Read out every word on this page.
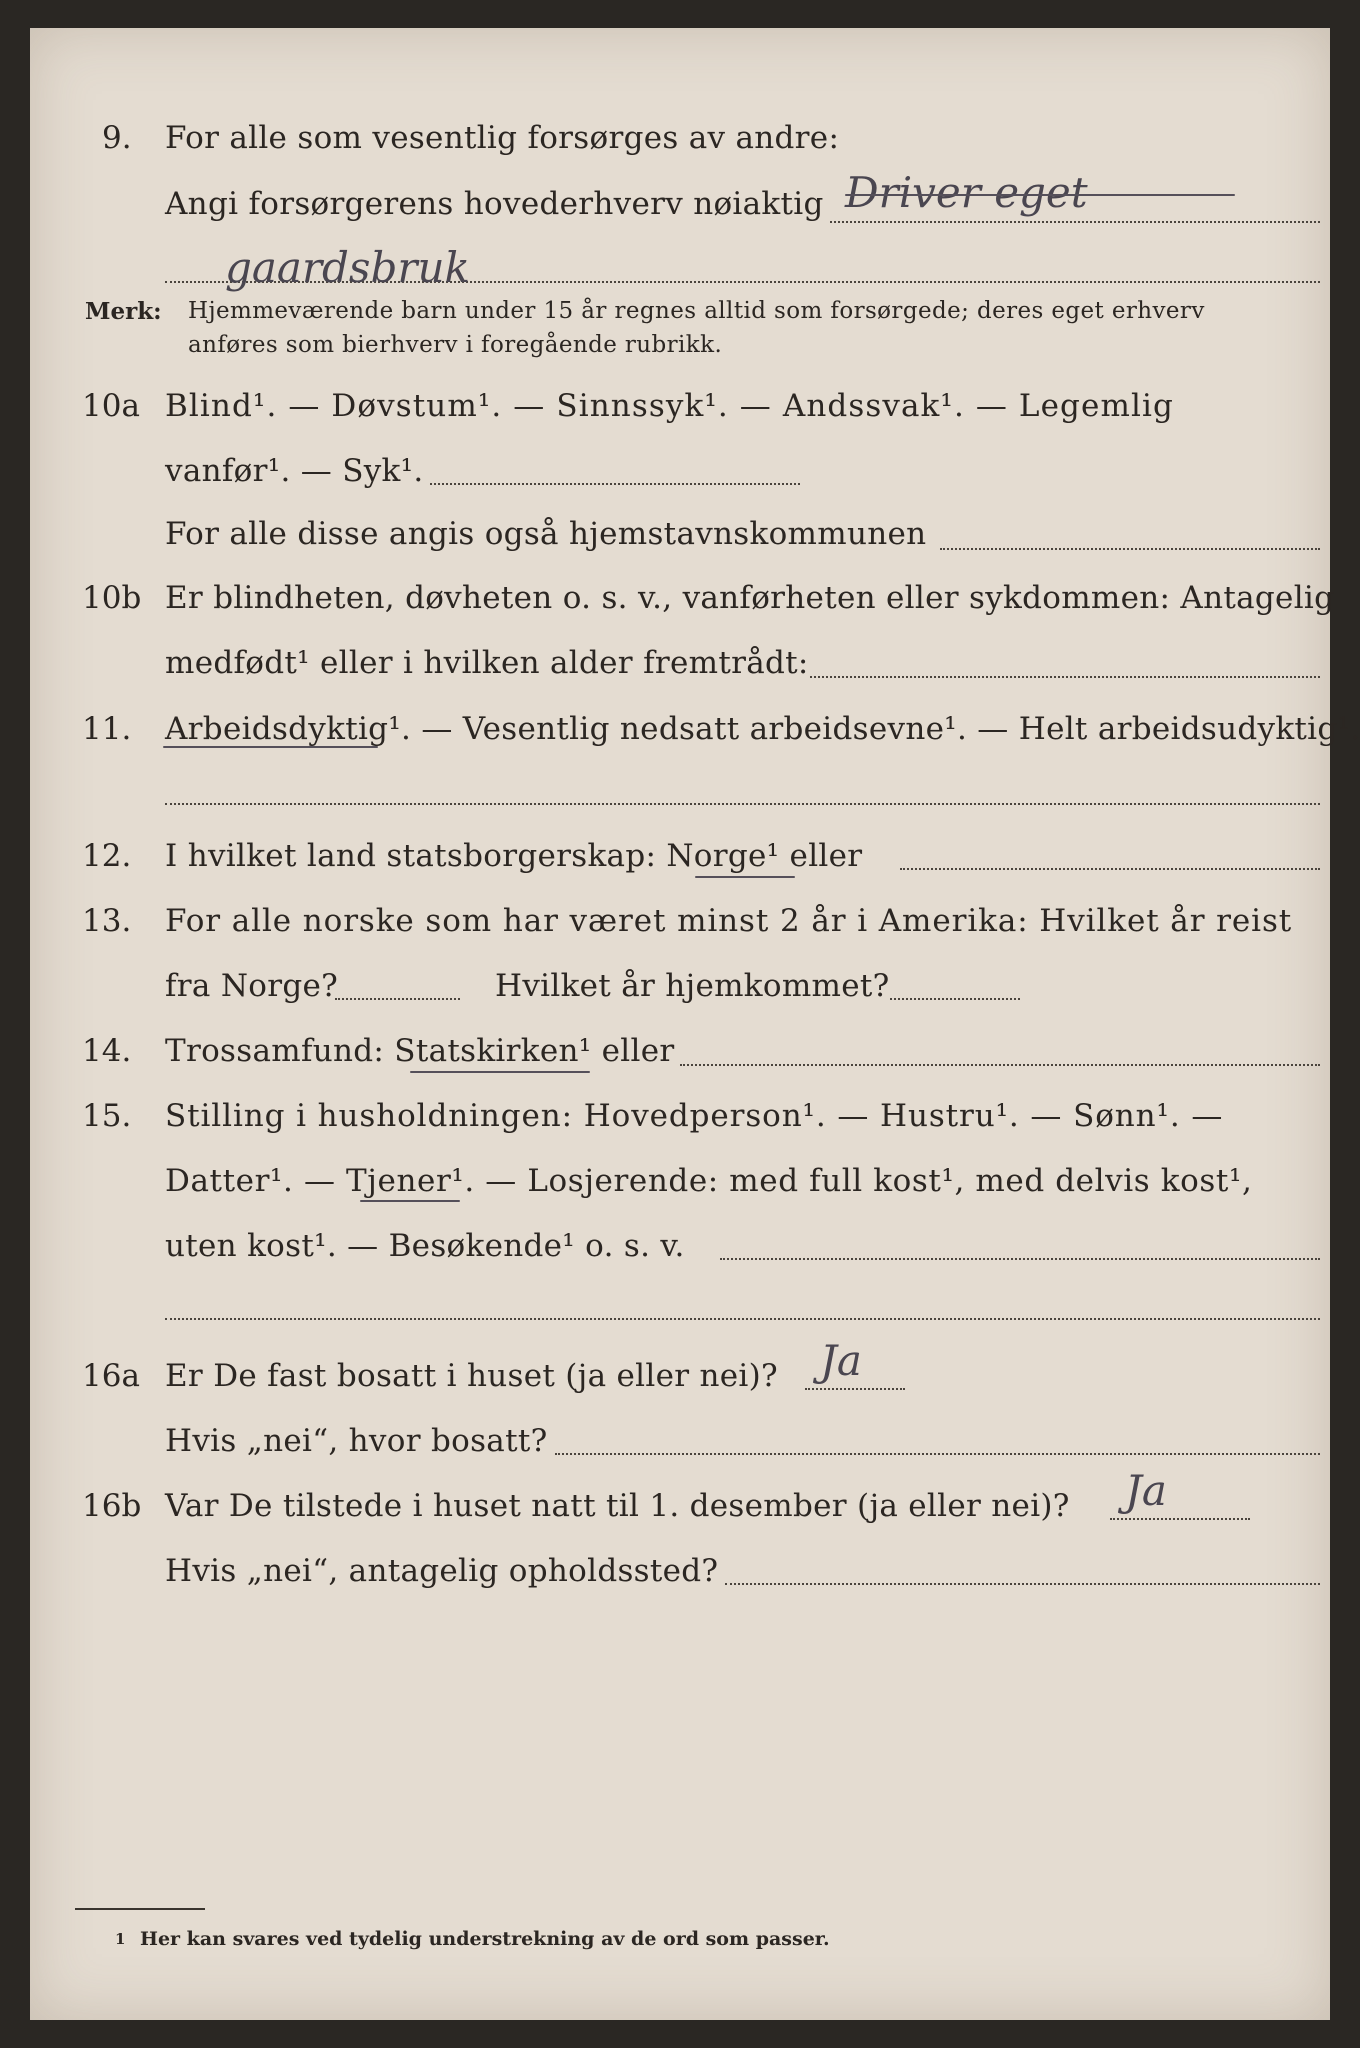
9. For alle som vesentlig forsørges av andre:
Angi forsørgerens hovederhverv nøiaktig Driver eget
gaardsbruk
Merk: Hjemmeværende barn under 15 år regnes alltid som forsørgede; deres eget erhverv
anføres som bierhverv i foregående rubrikk.
10a Blind¹. — Døvstum¹. — Sinnssyk¹. — Andssvak¹. — Legemlig
vanfør¹. — Syk¹.
For alle disse angis også hjemstavnskommunen
10b Er blindheten, døvheten o. s. v., vanførheten eller sykdommen: Antagelig
medfødt¹ eller i hvilken alder fremtrådt:
11. Arbeidsdyktig¹. — Vesentlig nedsatt arbeidsevne¹. — Helt arbeidsudyktig¹.
12. I hvilket land statsborgerskap: Norge¹ eller
13. For alle norske som har været minst 2 år i Amerika: Hvilket år reist
fra Norge?	Hvilket år hjemkommet?
14. Trossamfund: Statskirken¹ eller
15. Stilling i husholdningen: Hovedperson¹. — Hustru¹. — Sønn¹. —
Datter¹. — Tjener¹. — Losjerende: med full kost¹, med delvis kost¹,
uten kost¹. — Besøkende¹ o. s. v.
16a Er De fast bosatt i huset (ja eller nei)? Ja
Hvis „nei“, hvor bosatt?
16b Var De tilstede i huset natt til 1. desember (ja eller nei)? Ja
Hvis „nei“, antagelig opholdssted?
1 Her kan svares ved tydelig understrekning av de ord som passer.
